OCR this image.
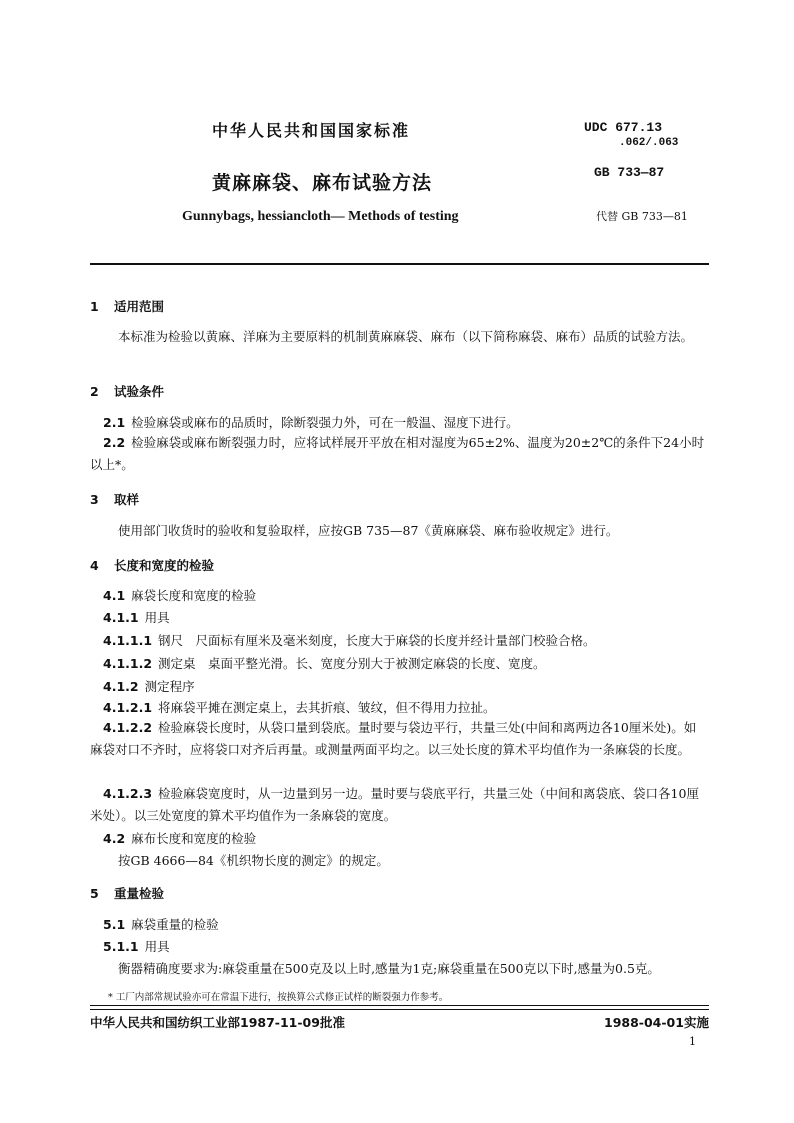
中华人民共和国国家标准	UDC 677.13
.062/.063
黄麻麻袋、麻布试验方法	GB 733—87
Gunnybags, hessiancloth— Methods of testing	代替 GB 733—81
1 适用范围
本标准为检验以黄麻、洋麻为主要原料的机制黄麻麻袋、麻布（以下简称麻袋、麻布）品质的试验方法。
2 试验条件
2.1 检验麻袋或麻布的品质时，除断裂强力外，可在一般温、湿度下进行。
2.2 检验麻袋或麻布断裂强力时，应将试样展开平放在相对湿度为65±2%、温度为20±2℃的条件下24小时以上*。
3 取样
使用部门收货时的验收和复验取样，应按GB 735—87《黄麻麻袋、麻布验收规定》进行。
4 长度和宽度的检验
4.1 麻袋长度和宽度的检验
4.1.1 用具
4.1.1.1 钢尺　尺面标有厘米及毫米刻度，长度大于麻袋的长度并经计量部门校验合格。
4.1.1.2 测定桌　桌面平整光滑。长、宽度分别大于被测定麻袋的长度、宽度。
4.1.2 测定程序
4.1.2.1 将麻袋平摊在测定桌上，去其折痕、皱纹，但不得用力拉扯。
4.1.2.2 检验麻袋长度时，从袋口量到袋底。量时要与袋边平行，共量三处(中间和离两边各10厘米处)。如麻袋对口不齐时，应将袋口对齐后再量。或测量两面平均之。以三处长度的算术平均值作为一条麻袋的长度。
4.1.2.3 检验麻袋宽度时，从一边量到另一边。量时要与袋底平行，共量三处（中间和离袋底、袋口各10厘米处）。以三处宽度的算术平均值作为一条麻袋的宽度。
4.2 麻布长度和宽度的检验
按GB 4666—84《机织物长度的测定》的规定。
5 重量检验
5.1 麻袋重量的检验
5.1.1 用具
衡器精确度要求为:麻袋重量在500克及以上时,感量为1克;麻袋重量在500克以下时,感量为0.5克。
* 工厂内部常规试验亦可在常温下进行，按换算公式修正试样的断裂强力作参考。
中华人民共和国纺织工业部1987-11-09批准	1988-04-01实施
1
